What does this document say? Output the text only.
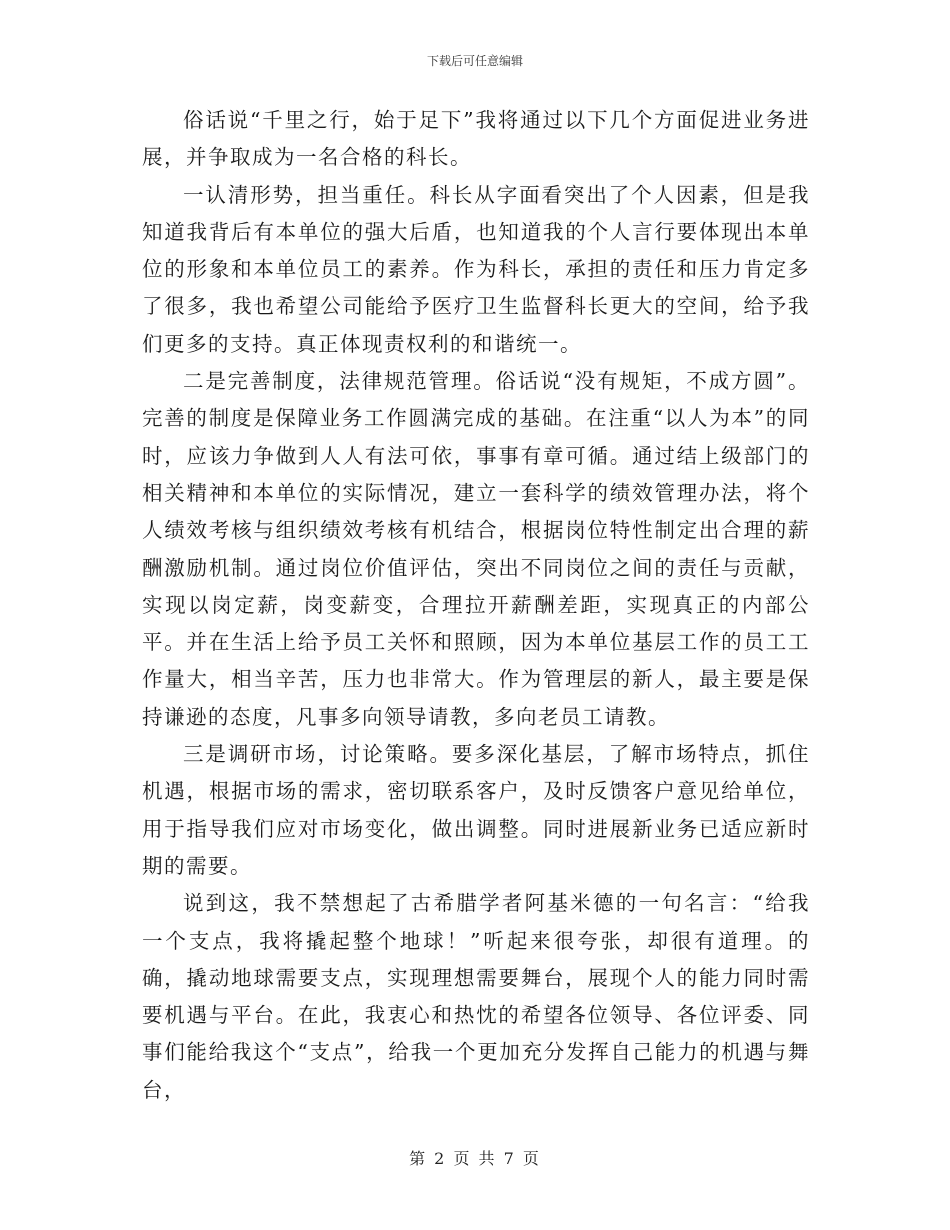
下载后可任意编辑

俗话说“千里之行，始于足下”我将通过以下几个方面促进业务进展，并争取成为一名合格的科长。

一认清形势，担当重任。科长从字面看突出了个人因素，但是我知道我背后有本单位的强大后盾，也知道我的个人言行要体现出本单位的形象和本单位员工的素养。作为科长，承担的责任和压力肯定多了很多，我也希望公司能给予医疗卫生监督科长更大的空间，给予我们更多的支持。真正体现责权利的和谐统一。

二是完善制度，法律规范管理。俗话说“没有规矩，不成方圆”。完善的制度是保障业务工作圆满完成的基础。在注重“以人为本”的同时，应该力争做到人人有法可依，事事有章可循。通过结上级部门的相关精神和本单位的实际情况，建立一套科学的绩效管理办法，将个人绩效考核与组织绩效考核有机结合，根据岗位特性制定出合理的薪酬激励机制。通过岗位价值评估，突出不同岗位之间的责任与贡献，实现以岗定薪，岗变薪变，合理拉开薪酬差距，实现真正的内部公平。并在生活上给予员工关怀和照顾，因为本单位基层工作的员工工作量大，相当辛苦，压力也非常大。作为管理层的新人，最主要是保持谦逊的态度，凡事多向领导请教，多向老员工请教。

三是调研市场，讨论策略。要多深化基层，了解市场特点，抓住机遇，根据市场的需求，密切联系客户，及时反馈客户意见给单位，用于指导我们应对市场变化，做出调整。同时进展新业务已适应新时期的需要。

说到这，我不禁想起了古希腊学者阿基米德的一句名言：“给我一个支点，我将撬起整个地球！”听起来很夸张，却很有道理。的确，撬动地球需要支点，实现理想需要舞台，展现个人的能力同时需要机遇与平台。在此，我衷心和热忱的希望各位领导、各位评委、同事们能给我这个“支点”，给我一个更加充分发挥自己能力的机遇与舞台，

第 2 页 共 7 页
